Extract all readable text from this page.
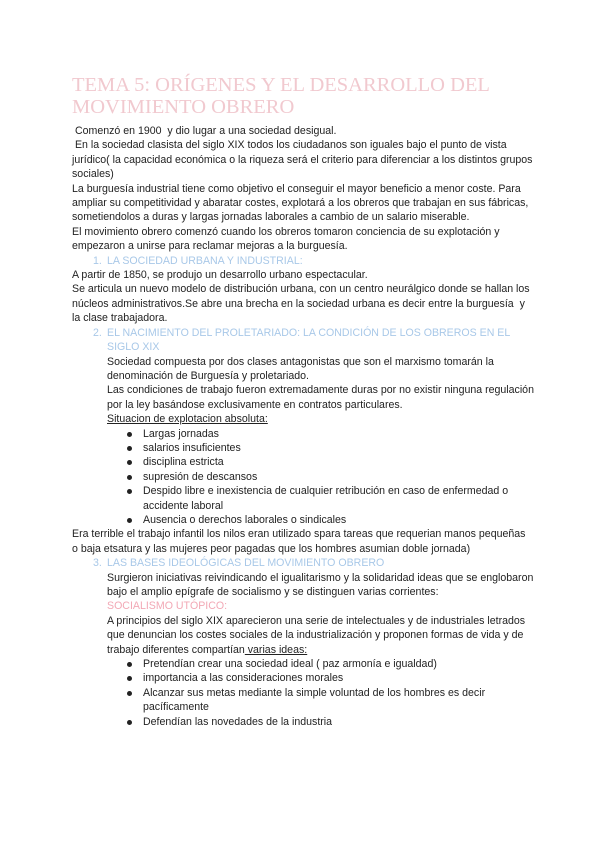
TEMA 5: ORÍGENES Y EL DESARROLLO DEL MOVIMIENTO OBRERO

Comenzó en 1900  y dio lugar a una sociedad desigual.

En la sociedad clasista del siglo XIX todos los ciudadanos son iguales bajo el punto de vista jurídico( la capacidad económica o la riqueza será el criterio para diferenciar a los distintos grupos sociales)

La burguesía industrial tiene como objetivo el conseguir el mayor beneficio a menor coste. Para ampliar su competitividad y abaratar costes, explotará a los obreros que trabajan en sus fábricas, sometiendolos a duras y largas jornadas laborales a cambio de un salario miserable.

El movimiento obrero comenzó cuando los obreros tomaron conciencia de su explotación y empezaron a unirse para reclamar mejoras a la burguesía.

1. LA SOCIEDAD URBANA Y INDUSTRIAL:

A partir de 1850, se produjo un desarrollo urbano espectacular.

Se articula un nuevo modelo de distribución urbana, con un centro neurálgico donde se hallan los núcleos administrativos.Se abre una brecha en la sociedad urbana es decir entre la burguesía  y la clase trabajadora.

2. EL NACIMIENTO DEL PROLETARIADO: LA CONDICIÓN DE LOS OBREROS EN EL SIGLO XIX

Sociedad compuesta por dos clases antagonistas que son el marxismo tomarán la denominación de Burguesía y proletariado.

Las condiciones de trabajo fueron extremadamente duras por no existir ninguna regulación por la ley basándose exclusivamente en contratos particulares.

Situacion de explotacion absoluta:

Largas jornadas
salarios insuficientes
disciplina estricta
supresión de descansos
Despido libre e inexistencia de cualquier retribución en caso de enfermedad o accidente laboral
Ausencia o derechos laborales o sindicales

Era terrible el trabajo infantil los nilos eran utilizado spara tareas que requerian manos pequeñas o baja etsatura y las mujeres peor pagadas que los hombres asumian doble jornada)

3. LAS BASES IDEOLÓGICAS DEL MOVIMIENTO OBRERO

Surgieron iniciativas reivindicando el igualitarismo y la solidaridad ideas que se englobaron bajo el amplio epígrafe de socialismo y se distinguen varias corrientes:

SOCIALISMO UTÓPICO:

A principios del siglo XIX aparecieron una serie de intelectuales y de industriales letrados que denuncian los costes sociales de la industrialización y proponen formas de vida y de trabajo diferentes compartían varias ideas:

Pretendían crear una sociedad ideal ( paz armonía e igualdad)
importancia a las consideraciones morales
Alcanzar sus metas mediante la simple voluntad de los hombres es decir pacíficamente
Defendían las novedades de la industria
